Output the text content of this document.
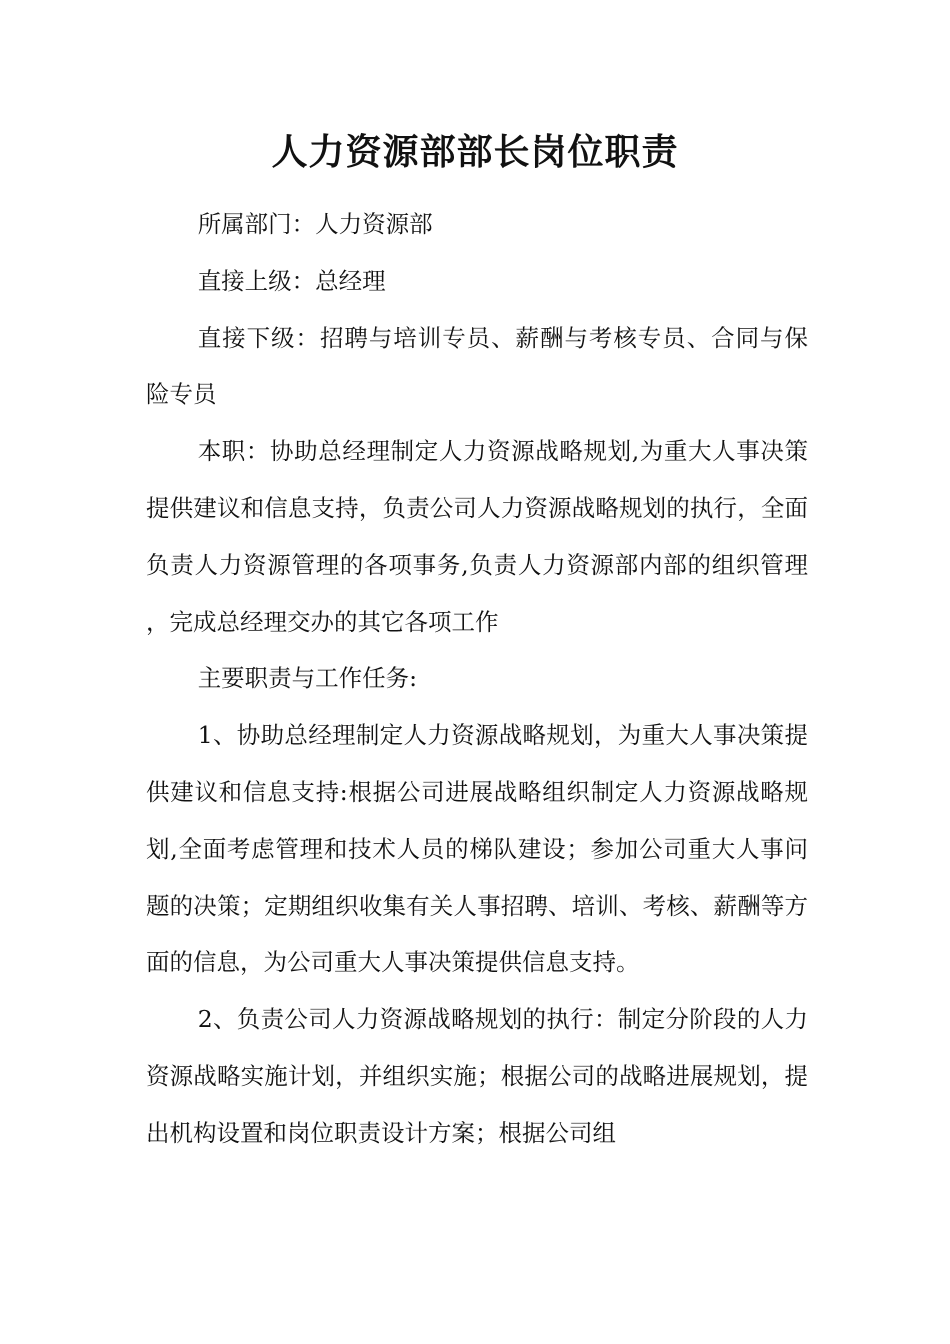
人力资源部部长岗位职责

所属部门：人力资源部

直接上级：总经理

直接下级：招聘与培训专员、薪酬与考核专员、合同与保险专员

本职：协助总经理制定人力资源战略规划,为重大人事决策提供建议和信息支持，负责公司人力资源战略规划的执行，全面负责人力资源管理的各项事务,负责人力资源部内部的组织管理，完成总经理交办的其它各项工作

主要职责与工作任务:

1、协助总经理制定人力资源战略规划，为重大人事决策提供建议和信息支持:根据公司进展战略组织制定人力资源战略规划,全面考虑管理和技术人员的梯队建设；参加公司重大人事问题的决策；定期组织收集有关人事招聘、培训、考核、薪酬等方面的信息，为公司重大人事决策提供信息支持。

2、负责公司人力资源战略规划的执行：制定分阶段的人力资源战略实施计划，并组织实施；根据公司的战略进展规划，提出机构设置和岗位职责设计方案；根据公司组
